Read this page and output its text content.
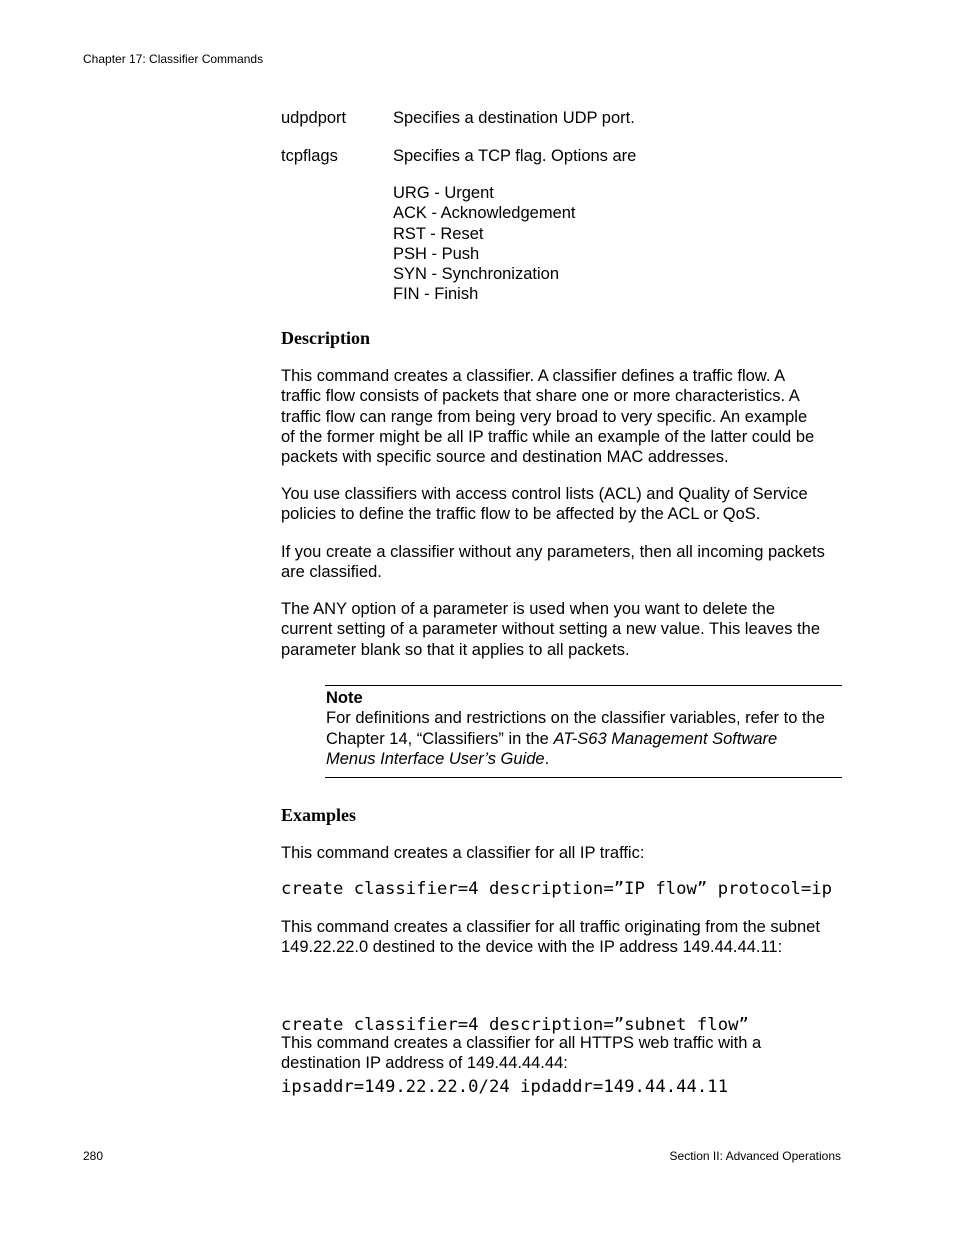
Chapter 17: Classifier Commands
udpdport	Specifies a destination UDP port.
tcpflags	Specifies a TCP flag. Options are
URG - Urgent
ACK - Acknowledgement
RST - Reset
PSH - Push
SYN - Synchronization
FIN - Finish
Description
This command creates a classifier. A classifier defines a traffic flow. A
traffic flow consists of packets that share one or more characteristics. A
traffic flow can range from being very broad to very specific. An example
of the former might be all IP traffic while an example of the latter could be
packets with specific source and destination MAC addresses.
You use classifiers with access control lists (ACL) and Quality of Service
policies to define the traffic flow to be affected by the ACL or QoS.
If you create a classifier without any parameters, then all incoming packets
are classified.
The ANY option of a parameter is used when you want to delete the
current setting of a parameter without setting a new value. This leaves the
parameter blank so that it applies to all packets.
Note
For definitions and restrictions on the classifier variables, refer to the
Chapter 14, “Classifiers” in the AT-S63 Management Software
Menus Interface User’s Guide.
Examples
This command creates a classifier for all IP traffic:
create classifier=4 description=”IP flow” protocol=ip
This command creates a classifier for all traffic originating from the subnet
149.22.22.0 destined to the device with the IP address 149.44.44.11:

create classifier=4 description=”subnet flow”

ipsaddr=149.22.22.0/24 ipdaddr=149.44.44.11

This command creates a classifier for all HTTPS web traffic with a
destination IP address of 149.44.44.44:
280	Section II: Advanced Operations
